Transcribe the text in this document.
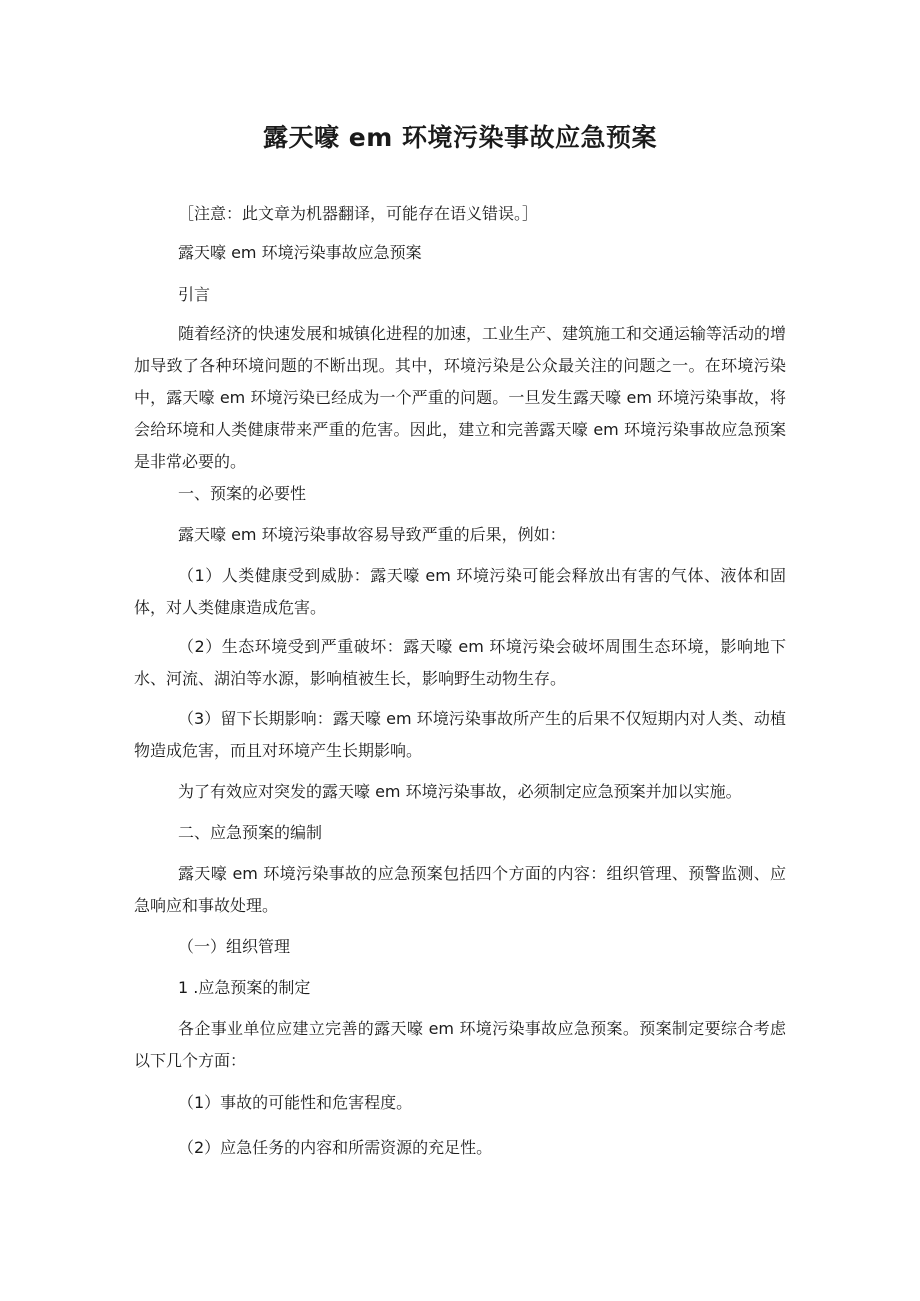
露天嚎 em 环境污染事故应急预案

［注意：此文章为机器翻译，可能存在语义错误。］

露天嚎 em 环境污染事故应急预案

引言

随着经济的快速发展和城镇化进程的加速，工业生产、建筑施工和交通运输等活动的增加导致了各种环境问题的不断出现。其中，环境污染是公众最关注的问题之一。在环境污染中，露天嚎 em 环境污染已经成为一个严重的问题。一旦发生露天嚎 em 环境污染事故，将会给环境和人类健康带来严重的危害。因此，建立和完善露天嚎 em 环境污染事故应急预案是非常必要的。

一、预案的必要性

露天嚎 em 环境污染事故容易导致严重的后果，例如：

（1）人类健康受到威胁：露天嚎 em 环境污染可能会释放出有害的气体、液体和固体，对人类健康造成危害。

（2）生态环境受到严重破坏：露天嚎 em 环境污染会破坏周围生态环境，影响地下水、河流、湖泊等水源，影响植被生长，影响野生动物生存。

（3）留下长期影响：露天嚎 em 环境污染事故所产生的后果不仅短期内对人类、动植物造成危害，而且对环境产生长期影响。

为了有效应对突发的露天嚎 em 环境污染事故，必须制定应急预案并加以实施。

二、应急预案的编制

露天嚎 em 环境污染事故的应急预案包括四个方面的内容：组织管理、预警监测、应急响应和事故处理。

（一）组织管理

1 .应急预案的制定

各企事业单位应建立完善的露天嚎 em 环境污染事故应急预案。预案制定要综合考虑以下几个方面：

（1）事故的可能性和危害程度。

（2）应急任务的内容和所需资源的充足性。
